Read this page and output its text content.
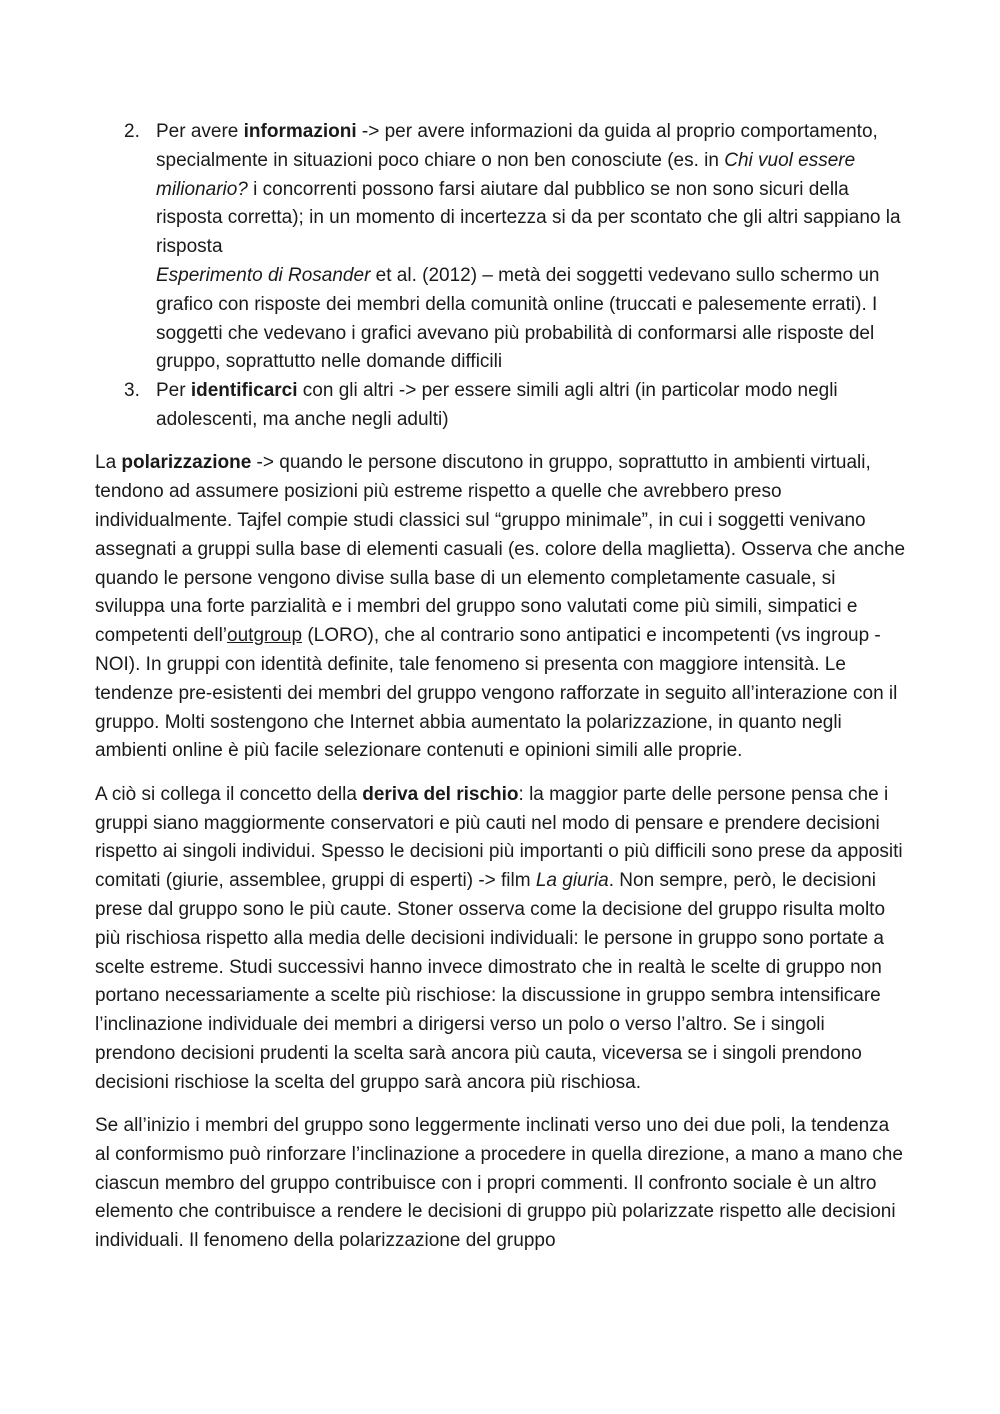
2. Per avere informazioni -> per avere informazioni da guida al proprio comportamento, specialmente in situazioni poco chiare o non ben conosciute (es. in Chi vuol essere milionario? i concorrenti possono farsi aiutare dal pubblico se non sono sicuri della risposta corretta); in un momento di incertezza si da per scontato che gli altri sappiano la risposta
Esperimento di Rosander et al. (2012) – metà dei soggetti vedevano sullo schermo un grafico con risposte dei membri della comunità online (truccati e palesemente errati). I soggetti che vedevano i grafici avevano più probabilità di conformarsi alle risposte del gruppo, soprattutto nelle domande difficili
3. Per identificarci con gli altri -> per essere simili agli altri (in particolar modo negli adolescenti, ma anche negli adulti)

La polarizzazione -> quando le persone discutono in gruppo, soprattutto in ambienti virtuali, tendono ad assumere posizioni più estreme rispetto a quelle che avrebbero preso individualmente. Tajfel compie studi classici sul “gruppo minimale”, in cui i soggetti venivano assegnati a gruppi sulla base di elementi casuali (es. colore della maglietta). Osserva che anche quando le persone vengono divise sulla base di un elemento completamente casuale, si sviluppa una forte parzialità e i membri del gruppo sono valutati come più simili, simpatici e competenti dell’outgroup (LORO), che al contrario sono antipatici e incompetenti (vs ingroup - NOI). In gruppi con identità definite, tale fenomeno si presenta con maggiore intensità. Le tendenze pre-esistenti dei membri del gruppo vengono rafforzate in seguito all’interazione con il gruppo. Molti sostengono che Internet abbia aumentato la polarizzazione, in quanto negli ambienti online è più facile selezionare contenuti e opinioni simili alle proprie.

A ciò si collega il concetto della deriva del rischio: la maggior parte delle persone pensa che i gruppi siano maggiormente conservatori e più cauti nel modo di pensare e prendere decisioni rispetto ai singoli individui. Spesso le decisioni più importanti o più difficili sono prese da appositi comitati (giurie, assemblee, gruppi di esperti) -> film La giuria. Non sempre, però, le decisioni prese dal gruppo sono le più caute. Stoner osserva come la decisione del gruppo risulta molto più rischiosa rispetto alla media delle decisioni individuali: le persone in gruppo sono portate a scelte estreme. Studi successivi hanno invece dimostrato che in realtà le scelte di gruppo non portano necessariamente a scelte più rischiose: la discussione in gruppo sembra intensificare l’inclinazione individuale dei membri a dirigersi verso un polo o verso l’altro. Se i singoli prendono decisioni prudenti la scelta sarà ancora più cauta, viceversa se i singoli prendono decisioni rischiose la scelta del gruppo sarà ancora più rischiosa.

Se all’inizio i membri del gruppo sono leggermente inclinati verso uno dei due poli, la tendenza al conformismo può rinforzare l’inclinazione a procedere in quella direzione, a mano a mano che ciascun membro del gruppo contribuisce con i propri commenti. Il confronto sociale è un altro elemento che contribuisce a rendere le decisioni di gruppo più polarizzate rispetto alle decisioni individuali. Il fenomeno della polarizzazione del gruppo
